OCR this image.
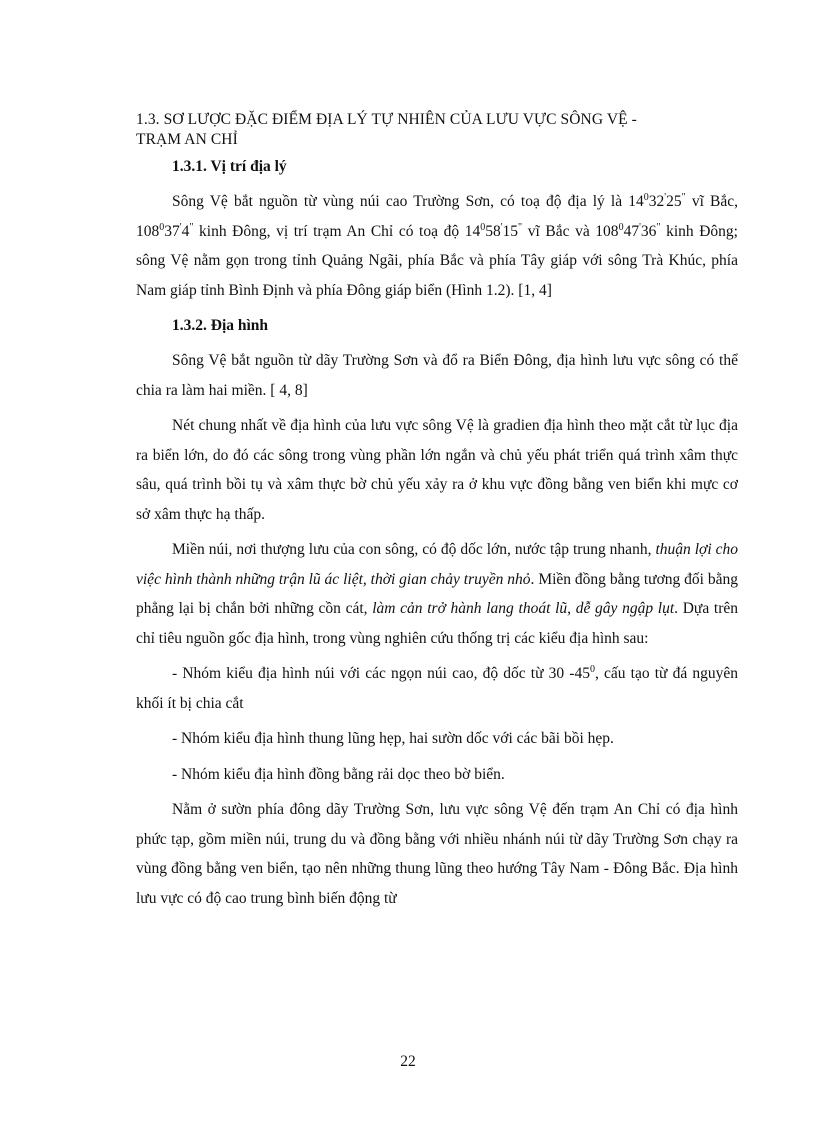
1.3. SƠ LƯỢC ĐẶC ĐIỂM ĐỊA LÝ TỰ NHIÊN CỦA LƯU VỰC SÔNG VỆ -
TRẠM AN CHỈ
1.3.1. Vị trí địa lý

Sông Vệ bắt nguồn từ vùng núi cao Trường Sơn, có toạ độ địa lý là $14^032'25^"$ vĩ Bắc, $108^037'4^"$ kinh Đông, vị trí trạm An Chỉ có toạ độ $14^058'15^"$ vĩ Bắc và $108^047'36^"$ kinh Đông; sông Vệ nằm gọn trong tỉnh Quảng Ngãi, phía Bắc và phía Tây giáp với sông Trà Khúc, phía Nam giáp tỉnh Bình Định và phía Đông giáp biển (Hình 1.2). [1, 4]

1.3.2. Địa hình

Sông Vệ bắt nguồn từ dãy Trường Sơn và đổ ra Biển Đông, địa hình lưu vực sông có thể chia ra làm hai miền. [ 4, 8]

Nét chung nhất về địa hình của lưu vực sông Vệ là gradien địa hình theo mặt cắt từ lục địa ra biển lớn, do đó các sông trong vùng phần lớn ngắn và chủ yếu phát triển quá trình xâm thực sâu, quá trình bồi tụ và xâm thực bờ chủ yếu xảy ra ở khu vực đồng bằng ven biển khi mực cơ sở xâm thực hạ thấp.

Miền núi, nơi thượng lưu của con sông, có độ dốc lớn, nước tập trung nhanh, thuận lợi cho việc hình thành những trận lũ ác liệt, thời gian chảy truyền nhỏ. Miền đồng bằng tương đối bằng phẳng lại bị chắn bởi những cồn cát, làm cản trở hành lang thoát lũ, dễ gây ngập lụt. Dựa trên chỉ tiêu nguồn gốc địa hình, trong vùng nghiên cứu thống trị các kiểu địa hình sau:

- Nhóm kiểu địa hình núi với các ngọn núi cao, độ dốc từ 30 $-45^0$, cấu tạo từ đá nguyên khối ít bị chia cắt

- Nhóm kiểu địa hình thung lũng hẹp, hai sườn dốc với các bãi bồi hẹp.

- Nhóm kiểu địa hình đồng bằng rải dọc theo bờ biển.

Nằm ở sườn phía đông dãy Trường Sơn, lưu vực sông Vệ đến trạm An Chỉ có địa hình phức tạp, gồm miền núi, trung du và đồng bằng với nhiều nhánh núi từ dãy Trường Sơn chạy ra vùng đồng bằng ven biển, tạo nên những thung lũng theo hướng Tây Nam - Đông Bắc. Địa hình lưu vực có độ cao trung bình biến động từ

22
